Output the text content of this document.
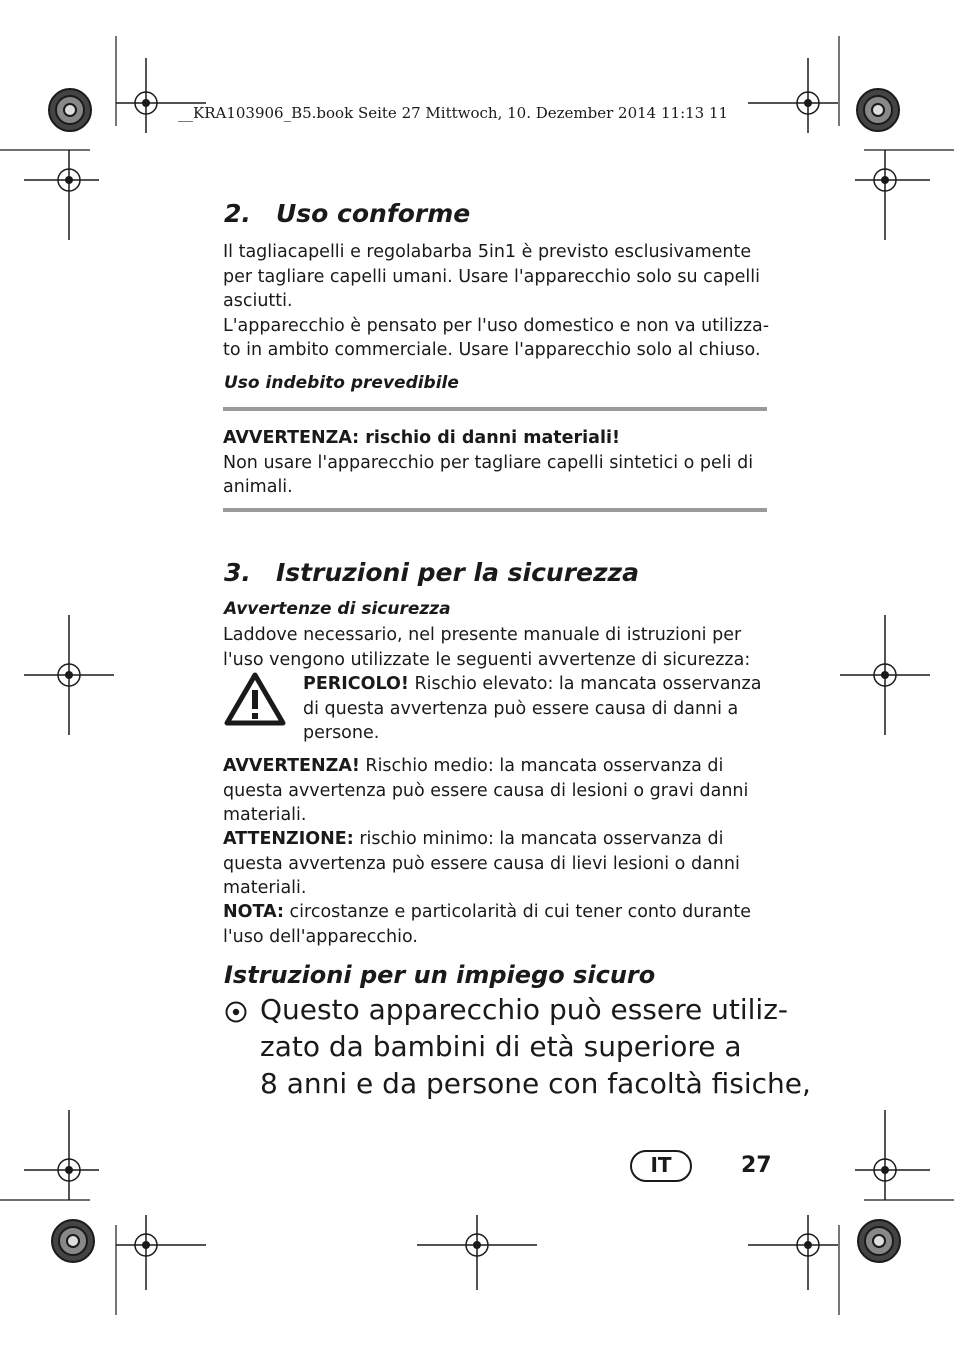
__KRA103906_B5.book Seite 27 Mittwoch, 10. Dezember 2014 11:13 11
2. Uso conforme
Il tagliacapelli e regolabarba 5in1 è previsto esclusivamente
per tagliare capelli umani. Usare l'apparecchio solo su capelli
asciutti.
L'apparecchio è pensato per l'uso domestico e non va utilizza-
to in ambito commerciale. Usare l'apparecchio solo al chiuso.
Uso indebito prevedibile
AVVERTENZA: rischio di danni materiali!
Non usare l'apparecchio per tagliare capelli sintetici o peli di
animali.
3. Istruzioni per la sicurezza
Avvertenze di sicurezza
Laddove necessario, nel presente manuale di istruzioni per
l'uso vengono utilizzate le seguenti avvertenze di sicurezza:
PERICOLO! Rischio elevato: la mancata osservanza
di questa avvertenza può essere causa di danni a
persone.
AVVERTENZA! Rischio medio: la mancata osservanza di
questa avvertenza può essere causa di lesioni o gravi danni
materiali.
ATTENZIONE: rischio minimo: la mancata osservanza di
questa avvertenza può essere causa di lievi lesioni o danni
materiali.
NOTA: circostanze e particolarità di cui tener conto durante
l'uso dell'apparecchio.
Istruzioni per un impiego sicuro
Questo apparecchio può essere utiliz-
zato da bambini di età superiore a
8 anni e da persone con facoltà fisiche,
IT	27
